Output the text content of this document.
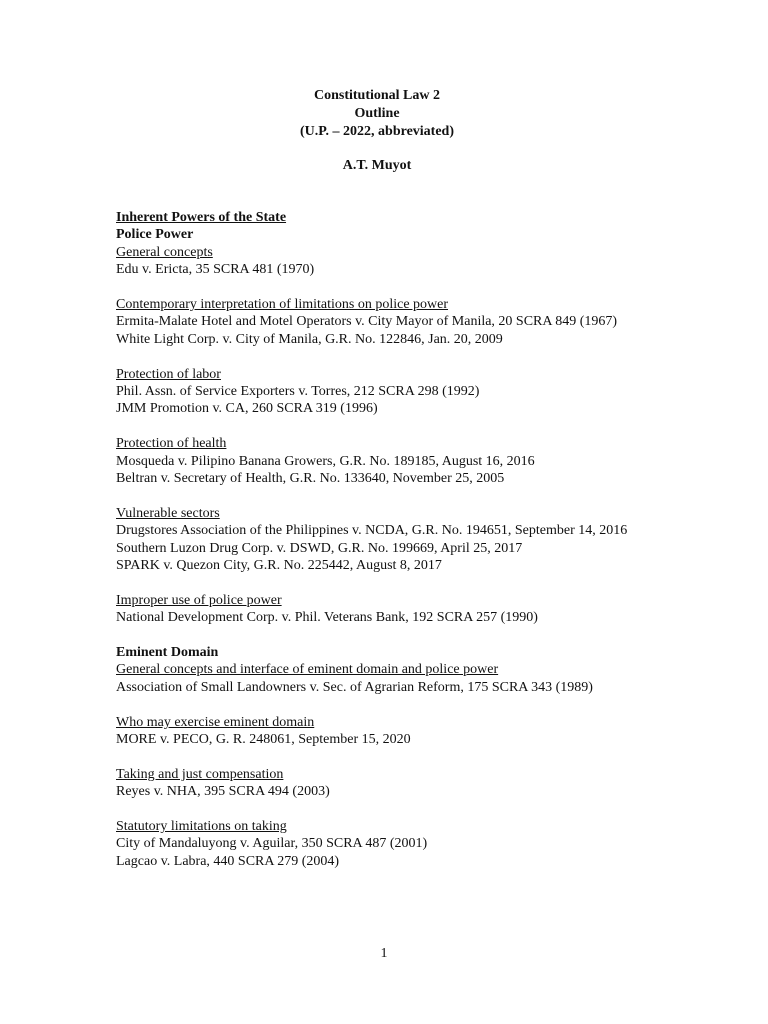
Constitutional Law 2
Outline
(U.P. – 2022, abbreviated)
A.T. Muyot
Inherent Powers of the State
Police Power
General concepts
Edu v. Ericta, 35 SCRA 481 (1970)
Contemporary interpretation of limitations on police power
Ermita-Malate Hotel and Motel Operators v. City Mayor of Manila, 20 SCRA 849 (1967)
White Light Corp. v. City of Manila, G.R. No. 122846, Jan. 20, 2009
Protection of labor
Phil. Assn. of Service Exporters v. Torres, 212 SCRA 298 (1992)
JMM Promotion v. CA, 260 SCRA 319 (1996)
Protection of health
Mosqueda v. Pilipino Banana Growers, G.R. No. 189185, August 16, 2016
Beltran v. Secretary of Health, G.R. No. 133640, November 25, 2005
Vulnerable sectors
Drugstores Association of the Philippines v. NCDA, G.R. No. 194651, September 14, 2016
Southern Luzon Drug Corp. v. DSWD, G.R. No. 199669, April 25, 2017
SPARK v. Quezon City, G.R. No. 225442, August 8, 2017
Improper use of police power
National Development Corp. v. Phil. Veterans Bank, 192 SCRA 257 (1990)
Eminent Domain
General concepts and interface of eminent domain and police power
Association of Small Landowners v. Sec. of Agrarian Reform, 175 SCRA 343 (1989)
Who may exercise eminent domain
MORE v. PECO, G. R. 248061, September 15, 2020
Taking and just compensation
Reyes v. NHA, 395 SCRA 494 (2003)
Statutory limitations on taking
City of Mandaluyong v. Aguilar, 350 SCRA 487 (2001)
Lagcao v. Labra, 440 SCRA 279 (2004)
1
